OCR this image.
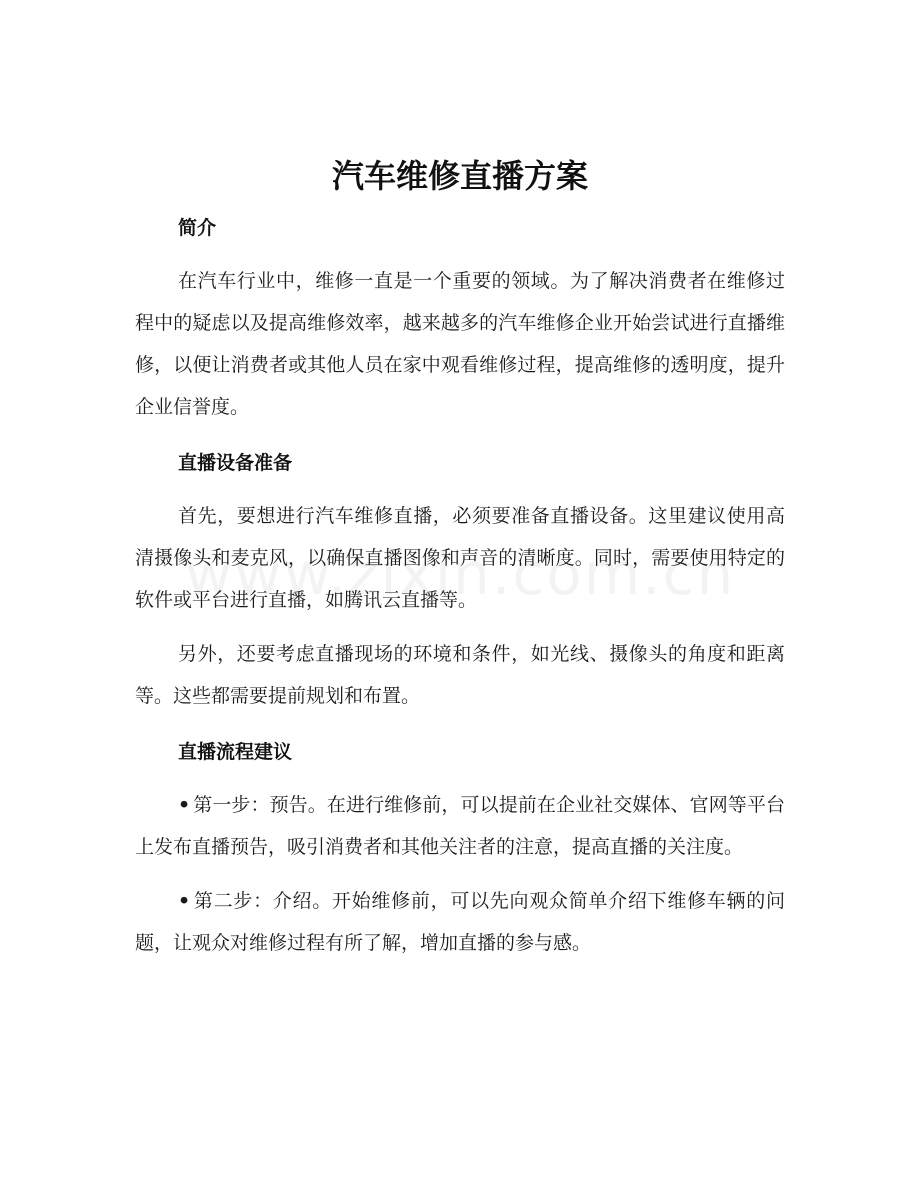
汽车维修直播方案
简介

在汽车行业中，维修一直是一个重要的领域。为了解决消费者在维修过程中的疑虑以及提高维修效率，越来越多的汽车维修企业开始尝试进行直播维修，以便让消费者或其他人员在家中观看维修过程，提高维修的透明度，提升企业信誉度。

直播设备准备

首先，要想进行汽车维修直播，必须要准备直播设备。这里建议使用高清摄像头和麦克风，以确保直播图像和声音的清晰度。同时，需要使用特定的软件或平台进行直播，如腾讯云直播等。

另外，还要考虑直播现场的环境和条件，如光线、摄像头的角度和距离等。这些都需要提前规划和布置。

直播流程建议

• 第一步：预告。在进行维修前，可以提前在企业社交媒体、官网等平台上发布直播预告，吸引消费者和其他关注者的注意，提高直播的关注度。

• 第二步：介绍。开始维修前，可以先向观众简单介绍下维修车辆的问题，让观众对维修过程有所了解，增加直播的参与感。
